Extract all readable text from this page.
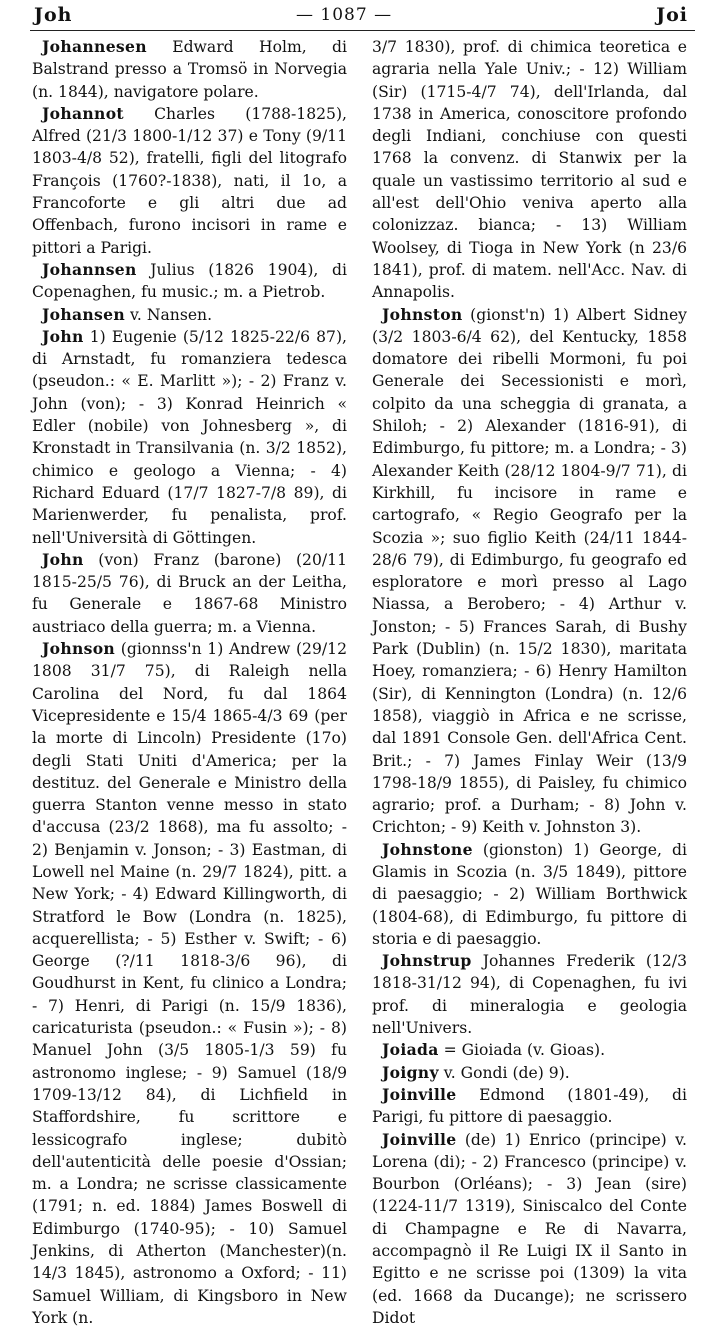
Joh	— 1087 —	Joi

Johannesen Edward Holm, di Balstrand presso a Tromsö in Norvegia (n. 1844), navigatore polare.

Johannot Charles (1788-1825), Alfred (21/3 1800-1/12 37) e Tony (9/11 1803-4/8 52), fratelli, figli del litografo François (1760?-1838), nati, il 1o, a Francoforte e gli altri due ad Offenbach, furono incisori in rame e pittori a Parigi.

Johannsen Julius (1826 1904), di Copenaghen, fu music.; m. a Pietrob.

Johansen v. Nansen.

John 1) Eugenie (5/12 1825-22/6 87), di Arnstadt, fu romanziera tedesca (pseudon.: « E. Marlitt »); - 2) Franz v. John (von); - 3) Konrad Heinrich « Edler (nobile) von Johnesberg », di Kronstadt in Transilvania (n. 3/2 1852), chimico e geologo a Vienna; - 4) Richard Eduard (17/7 1827-7/8 89), di Marienwerder, fu penalista, prof. nell'Università di Göttingen.

John (von) Franz (barone) (20/11 1815-25/5 76), di Bruck an der Leitha, fu Generale e 1867-68 Ministro austriaco della guerra; m. a Vienna.

Johnson (gionnss'n 1) Andrew (29/12 1808 31/7 75), di Raleigh nella Carolina del Nord, fu dal 1864 Vicepresidente e 15/4 1865-4/3 69 (per la morte di Lincoln) Presidente (17o) degli Stati Uniti d'America; per la destituz. del Generale e Ministro della guerra Stanton venne messo in stato d'accusa (23/2 1868), ma fu assolto; - 2) Benjamin v. Jonson; - 3) Eastman, di Lowell nel Maine (n. 29/7 1824), pitt. a New York; - 4) Edward Killingworth, di Stratford le Bow (Londra (n. 1825), acquerellista; - 5) Esther v. Swift; - 6) George (?/11 1818-3/6 96), di Goudhurst in Kent, fu clinico a Londra; - 7) Henri, di Parigi (n. 15/9 1836), caricaturista (pseudon.: « Fusin »); - 8) Manuel John (3/5 1805-1/3 59) fu astronomo inglese; - 9) Samuel (18/9 1709-13/12 84), di Lichfield in Staffordshire, fu scrittore e lessicografo inglese; dubitò dell'autenticità delle poesie d'Ossian; m. a Londra; ne scrisse classicamente (1791; n. ed. 1884) James Boswell di Edimburgo (1740-95); - 10) Samuel Jenkins, di Atherton (Manchester)(n. 14/3 1845), astronomo a Oxford; - 11) Samuel William, di Kingsboro in New York (n.

3/7 1830), prof. di chimica teoretica e agraria nella Yale Univ.; - 12) William (Sir) (1715-4/7 74), dell'Irlanda, dal 1738 in America, conoscitore profondo degli Indiani, conchiuse con questi 1768 la convenz. di Stanwix per la quale un vastissimo territorio al sud e all'est dell'Ohio veniva aperto alla colonizzaz. bianca; - 13) William Woolsey, di Tioga in New York (n 23/6 1841), prof. di matem. nell'Acc. Nav. di Annapolis.

Johnston (gionst'n) 1) Albert Sidney (3/2 1803-6/4 62), del Kentucky, 1858 domatore dei ribelli Mormoni, fu poi Generale dei Secessionisti e morì, colpito da una scheggia di granata, a Shiloh; - 2) Alexander (1816-91), di Edimburgo, fu pittore; m. a Londra; - 3) Alexander Keith (28/12 1804-9/7 71), di Kirkhill, fu incisore in rame e cartografo, « Regio Geografo per la Scozia »; suo figlio Keith (24/11 1844-28/6 79), di Edimburgo, fu geografo ed esploratore e morì presso al Lago Niassa, a Berobero; - 4) Arthur v. Jonston; - 5) Frances Sarah, di Bushy Park (Dublin) (n. 15/2 1830), maritata Hoey, romanziera; - 6) Henry Hamilton (Sir), di Kennington (Londra) (n. 12/6 1858), viaggiò in Africa e ne scrisse, dal 1891 Console Gen. dell'Africa Cent. Brit.; - 7) James Finlay Weir (13/9 1798-18/9 1855), di Paisley, fu chimico agrario; prof. a Durham; - 8) John v. Crichton; - 9) Keith v. Johnston 3).

Johnstone (gionston) 1) George, di Glamis in Scozia (n. 3/5 1849), pittore di paesaggio; - 2) William Borthwick (1804-68), di Edimburgo, fu pittore di storia e di paesaggio.

Johnstrup Johannes Frederik (12/3 1818-31/12 94), di Copenaghen, fu ivi prof. di mineralogia e geologia nell'Univers.

Joiada = Gioiada (v. Gioas).

Joigny v. Gondi (de) 9).

Joinville Edmond (1801-49), di Parigi, fu pittore di paesaggio.

Joinville (de) 1) Enrico (principe) v. Lorena (di); - 2) Francesco (principe) v. Bourbon (Orléans); - 3) Jean (sire) (1224-11/7 1319), Siniscalco del Conte di Champagne e Re di Navarra, accompagnò il Re Luigi IX il Santo in Egitto e ne scrisse poi (1309) la vita (ed. 1668 da Ducange); ne scrissero Didot
